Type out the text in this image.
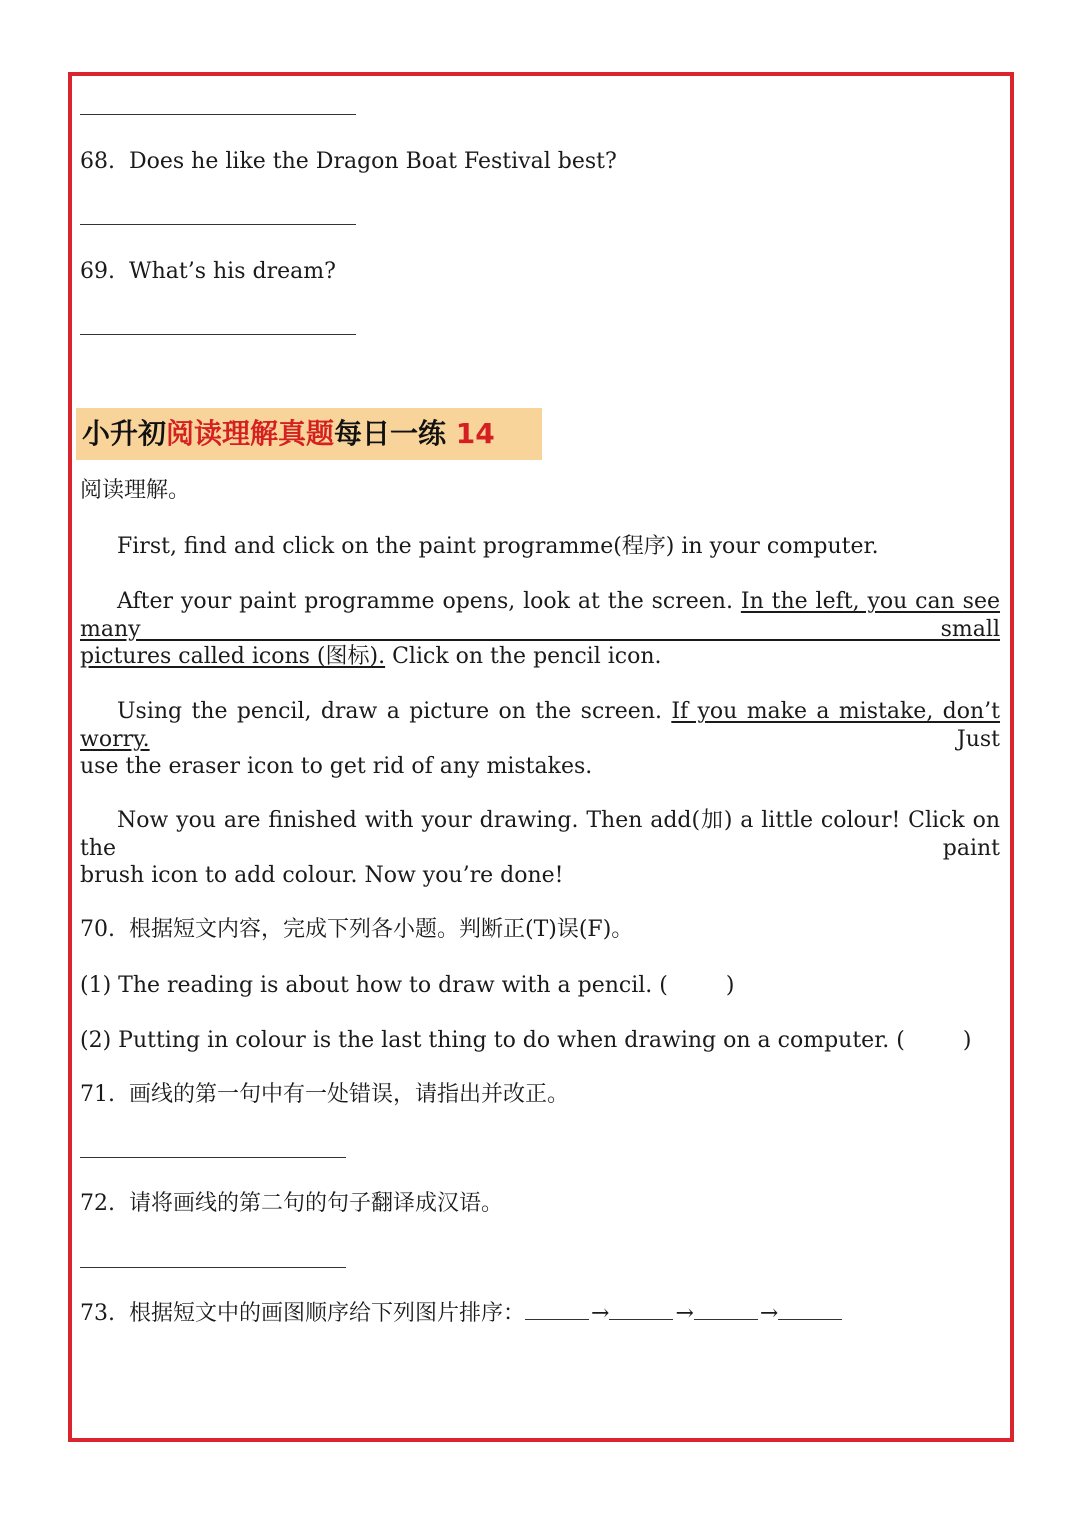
68. Does he like the Dragon Boat Festival best?
69. What’s his dream?
小升初阅读理解真题每日一练 14
阅读理解。
First, find and click on the paint programme(程序) in your computer.
After your paint programme opens, look at the screen. In the left, you can see many small
pictures called icons (图标). Click on the pencil icon.
Using the pencil, draw a picture on the screen. If you make a mistake, don’t worry.	Just
use the eraser icon to get rid of any mistakes.
Now you are finished with your drawing. Then add(加) a little colour! Click on the paint
brush icon to add colour. Now you’re done!
70. 根据短文内容，完成下列各小题。判断正(T)误(F)。
(1) The reading is about how to draw with a pencil. (	)
(2) Putting in colour is the last thing to do when drawing on a computer. (	)
71. 画线的第一句中有一处错误，请指出并改正。
72. 请将画线的第二句的句子翻译成汉语。
73. 根据短文中的画图顺序给下列图片排序：	→	→	→
